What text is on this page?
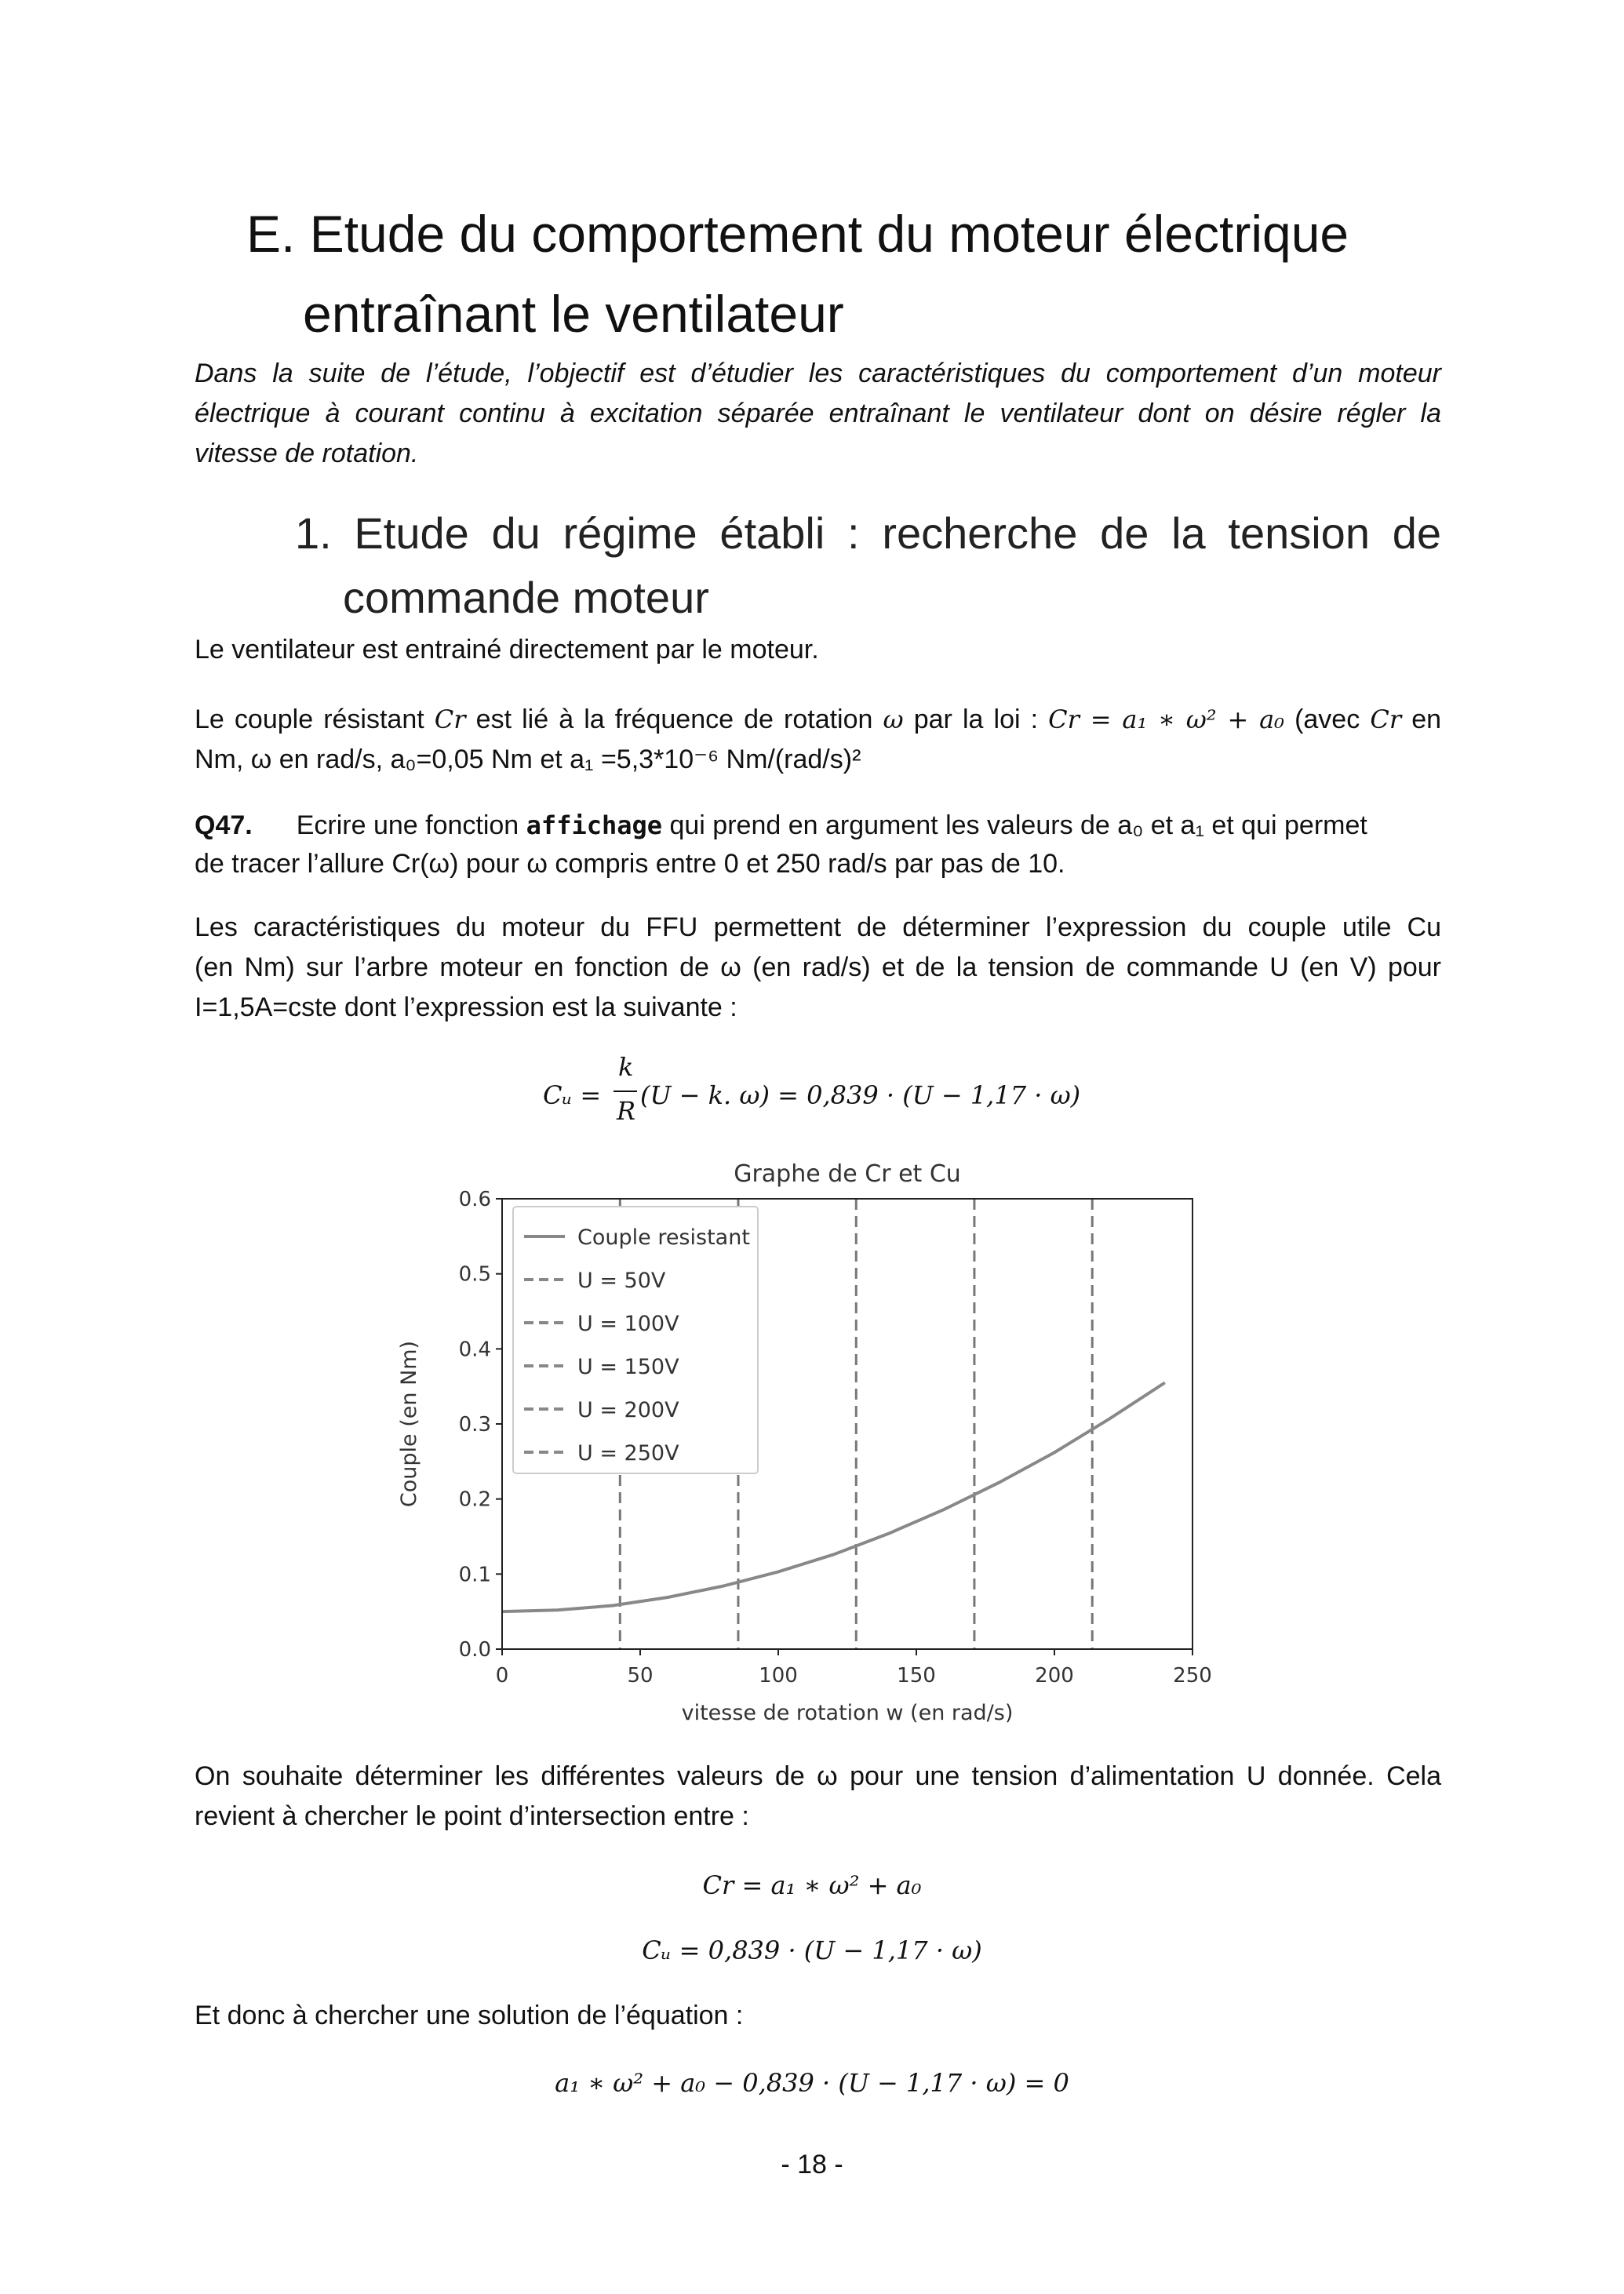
E. Etude du comportement du moteur électrique
entraînant le ventilateur
Dans la suite de l’étude, l’objectif est d’étudier les caractéristiques du comportement d’un moteur
électrique à courant continu à excitation séparée entraînant le ventilateur dont on désire régler la
vitesse de rotation.
1. Etude du régime établi : recherche de la tension de
commande moteur
Le ventilateur est entrainé directement par le moteur.
Le couple résistant Cr est lié à la fréquence de rotation ω par la loi : Cr = a₁ ∗ ω² + a₀ (avec Cr en
Nm, ω en rad/s, a₀=0,05 Nm et a₁ =5,3*10⁻⁶ Nm/(rad/s)²
Q47. Ecrire une fonction affichage qui prend en argument les valeurs de a₀ et a₁ et qui permet
de tracer l’allure Cr(ω) pour ω compris entre 0 et 250 rad/s par pas de 10.
Les caractéristiques du moteur du FFU permettent de déterminer l’expression du couple utile Cu
(en Nm) sur l’arbre moteur en fonction de ω (en rad/s) et de la tension de commande U (en V) pour
I=1,5A=cste dont l’expression est la suivante :
Cᵤ =
k
R
(U − k. ω) = 0,839 · (U − 1,17 · ω)
Graphe de Cr et Cu
0	50	100	150	200	250
0.0
0.1
0.2
0.3
0.4
0.5
0.6
vitesse de rotation w (en rad/s)
Couple (en Nm)
Couple resistant
U = 50V
U = 100V
U = 150V
U = 200V
U = 250V
On souhaite déterminer les différentes valeurs de ω pour une tension d’alimentation U donnée. Cela
revient à chercher le point d’intersection entre :
Cr = a₁ ∗ ω² + a₀
Cᵤ = 0,839 · (U − 1,17 · ω)
Et donc à chercher une solution de l’équation :
a₁ ∗ ω² + a₀ − 0,839 · (U − 1,17 · ω) = 0
- 18 -
